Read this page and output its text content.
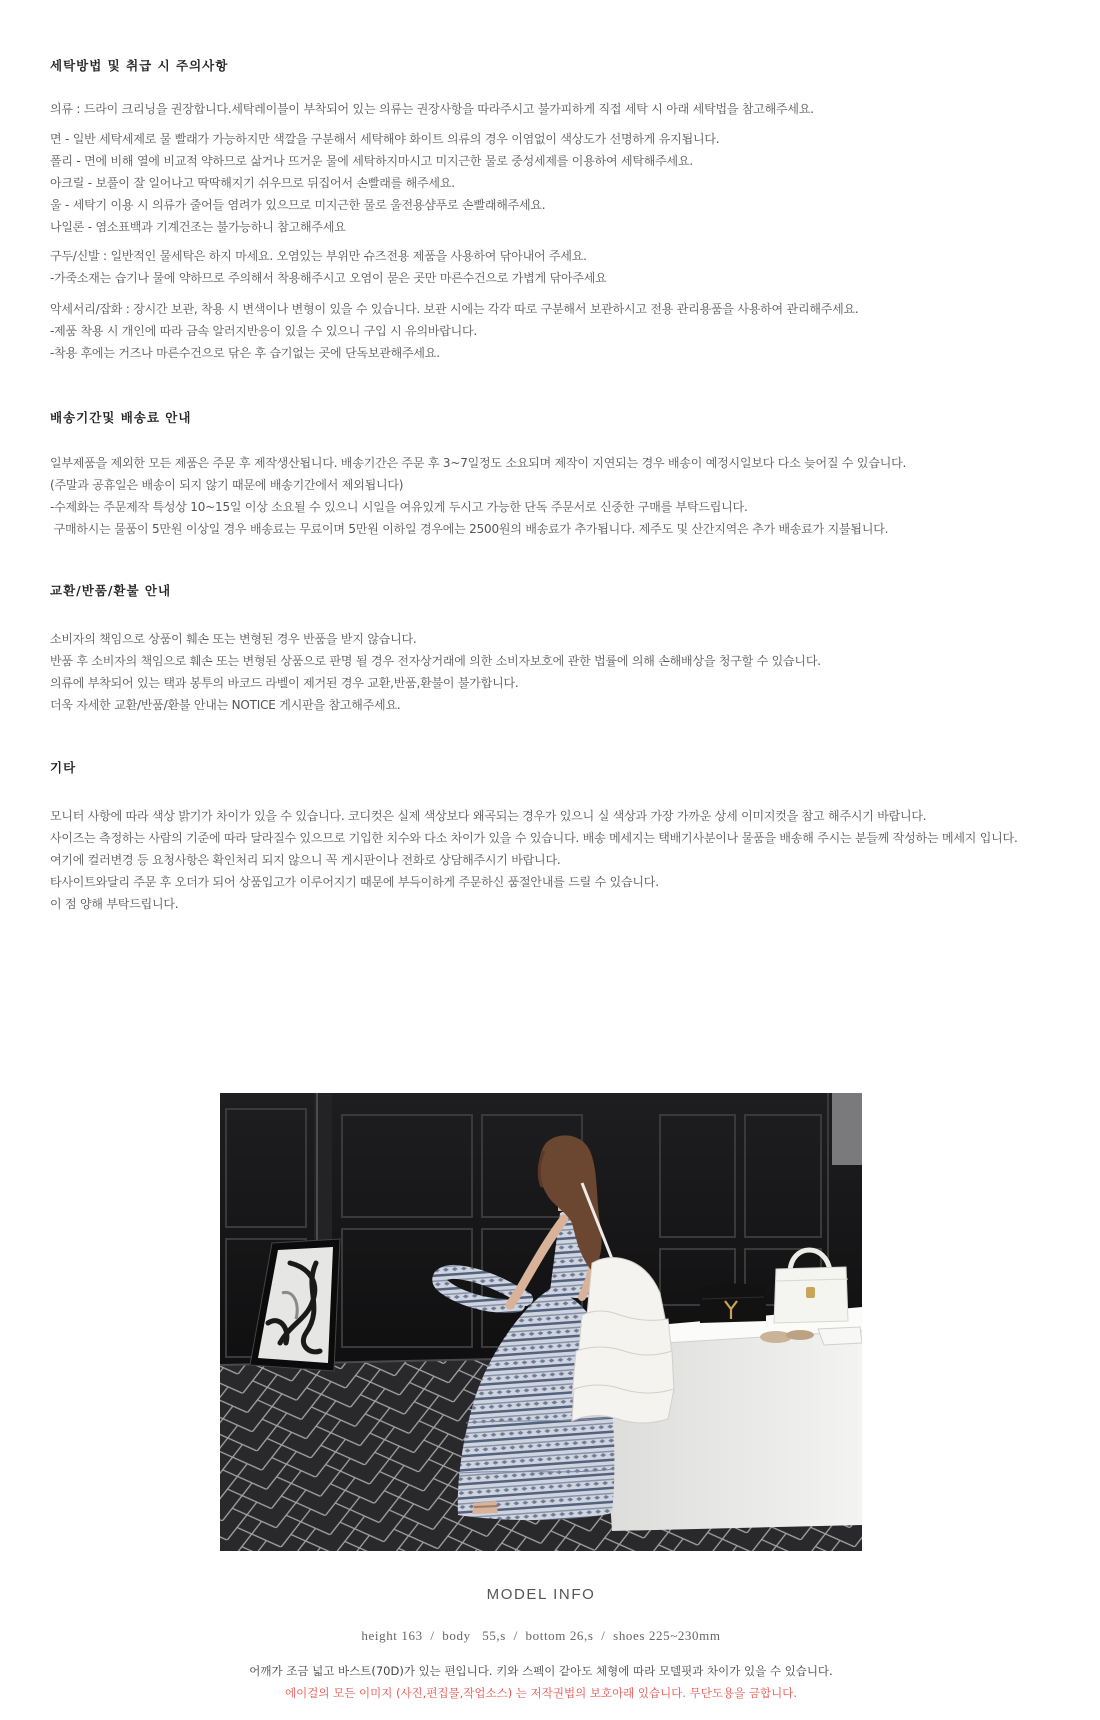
세탁방법 및 취급 시 주의사항
의류 : 드라이 크리닝을 권장합니다.세탁레이블이 부착되어 있는 의류는 권장사항을 따라주시고 불가피하게 직접 세탁 시 아래 세탁법을 참고해주세요.
면 - 일반 세탁세제로 물 빨래가 가능하지만 색깔을 구분해서 세탁해야 화이트 의류의 경우 이염없이 색상도가 선명하게 유지됩니다.
폴리 - 면에 비해 열에 비교적 약하므로 삶거나 뜨거운 물에 세탁하지마시고 미지근한 물로 중성세제를 이용하여 세탁해주세요.
아크릴 - 보풀이 잘 일어나고 딱딱해지기 쉬우므로 뒤집어서 손빨래를 해주세요.
울 - 세탁기 이용 시 의류가 줄어들 염려가 있으므로 미지근한 물로 울전용샴푸로 손빨래해주세요.
나일론 - 염소표백과 기계건조는 불가능하니 참고해주세요
구두/신발 : 일반적인 물세탁은 하지 마세요. 오염있는 부위만 슈즈전용 제품을 사용하여 닦아내어 주세요.
-가죽소재는 습기나 물에 약하므로 주의해서 착용해주시고 오염이 묻은 곳만 마른수건으로 가볍게 닦아주세요
악세서리/잡화 : 장시간 보관, 착용 시 변색이나 변형이 있을 수 있습니다. 보관 시에는 각각 따로 구분해서 보관하시고 전용 관리용품을 사용하여 관리해주세요.
-제품 착용 시 개인에 따라 금속 알러지반응이 있을 수 있으니 구입 시 유의바랍니다.
-착용 후에는 거즈나 마른수건으로 닦은 후 습기없는 곳에 단독보관해주세요.
배송기간및 배송료 안내
일부제품을 제외한 모든 제품은 주문 후 제작생산됩니다. 배송기간은 주문 후 3~7일정도 소요되며 제작이 지연되는 경우 배송이 예정시일보다 다소 늦어질 수 있습니다.
(주말과 공휴일은 배송이 되지 않기 때문에 배송기간에서 제외됩니다)
-수제화는 주문제작 특성상 10~15일 이상 소요될 수 있으니 시일을 여유있게 두시고 가능한 단독 주문서로 신중한 구매를 부탁드립니다.
구매하시는 물품이 5만원 이상일 경우 배송료는 무료이며 5만원 이하일 경우에는 2500원의 배송료가 추가됩니다. 제주도 및 산간지역은 추가 배송료가 지불됩니다.
교환/반품/환불 안내
소비자의 책임으로 상품이 훼손 또는 변형된 경우 반품을 받지 않습니다.
반품 후 소비자의 책임으로 훼손 또는 변형된 상품으로 판명 될 경우 전자상거래에 의한 소비자보호에 관한 법률에 의해 손해배상을 청구할 수 있습니다.
의류에 부착되어 있는 택과 봉투의 바코드 라벨이 제거된 경우 교환,반품,환불이 불가합니다.
더욱 자세한 교환/반품/환불 안내는 NOTICE 게시판을 참고해주세요.
기타
모니터 사항에 따라 색상 밝기가 차이가 있을 수 있습니다. 코디컷은 실제 색상보다 왜곡되는 경우가 있으니 실 색상과 가장 가까운 상세 이미지컷을 참고 해주시기 바랍니다.
사이즈는 측정하는 사람의 기준에 따라 달라질수 있으므로 기입한 치수와 다소 차이가 있을 수 있습니다. 배송 메세지는 택배기사분이나 물품을 배송해 주시는 분들께 작성하는 메세지 입니다.
여기에 컬러변경 등 요청사항은 확인처리 되지 않으니 꼭 게시판이나 전화로 상담해주시기 바랍니다.
타사이트와달리 주문 후 오더가 되어 상품입고가 이루어지기 때문에 부득이하게 주문하신 품절안내를 드릴 수 있습니다.
이 점 양해 부탁드립니다.
MODEL INFO
height 163  /  body   55,s  /  bottom 26,s  /  shoes 225~230mm
어깨가 조금 넓고 바스트(70D)가 있는 편입니다. 키와 스펙이 같아도 체형에 따라 모델핏과 차이가 있을 수 있습니다.
에이걸의 모든 이미지 (사진,편집물,작업소스) 는 저작권법의 보호아래 있습니다. 무단도용을 금합니다.
